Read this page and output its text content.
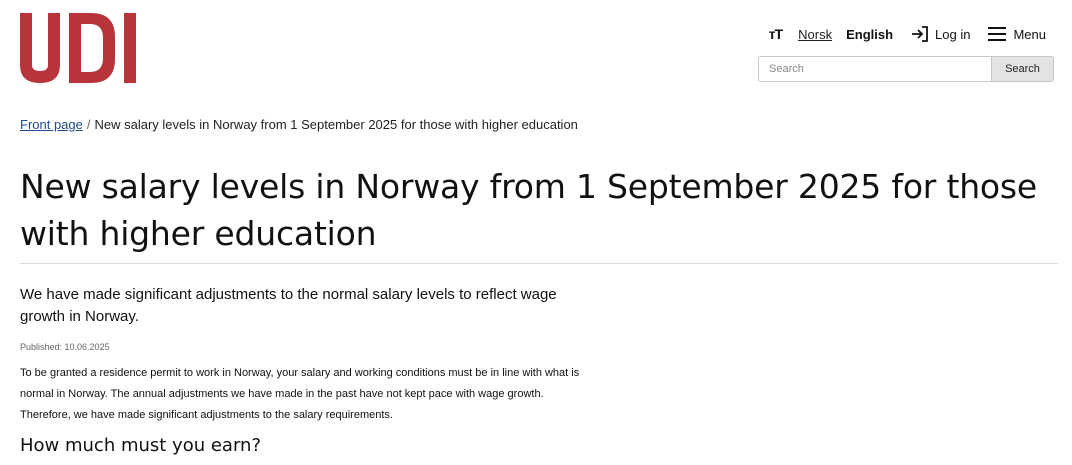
тT Norsk English	Log in	Menu
Search
Search
Front page / New salary levels in Norway from 1 September 2025 for those with higher education
New salary levels in Norway from 1 September 2025 for those with higher education

We have made significant adjustments to the normal salary levels to reflect wage growth in Norway.

Published: 10.06.2025

To be granted a residence permit to work in Norway, your salary and working conditions must be in line with what is normal in Norway. The annual adjustments we have made in the past have not kept pace with wage growth. Therefore, we have made significant adjustments to the salary requirements.

How much must you earn?
